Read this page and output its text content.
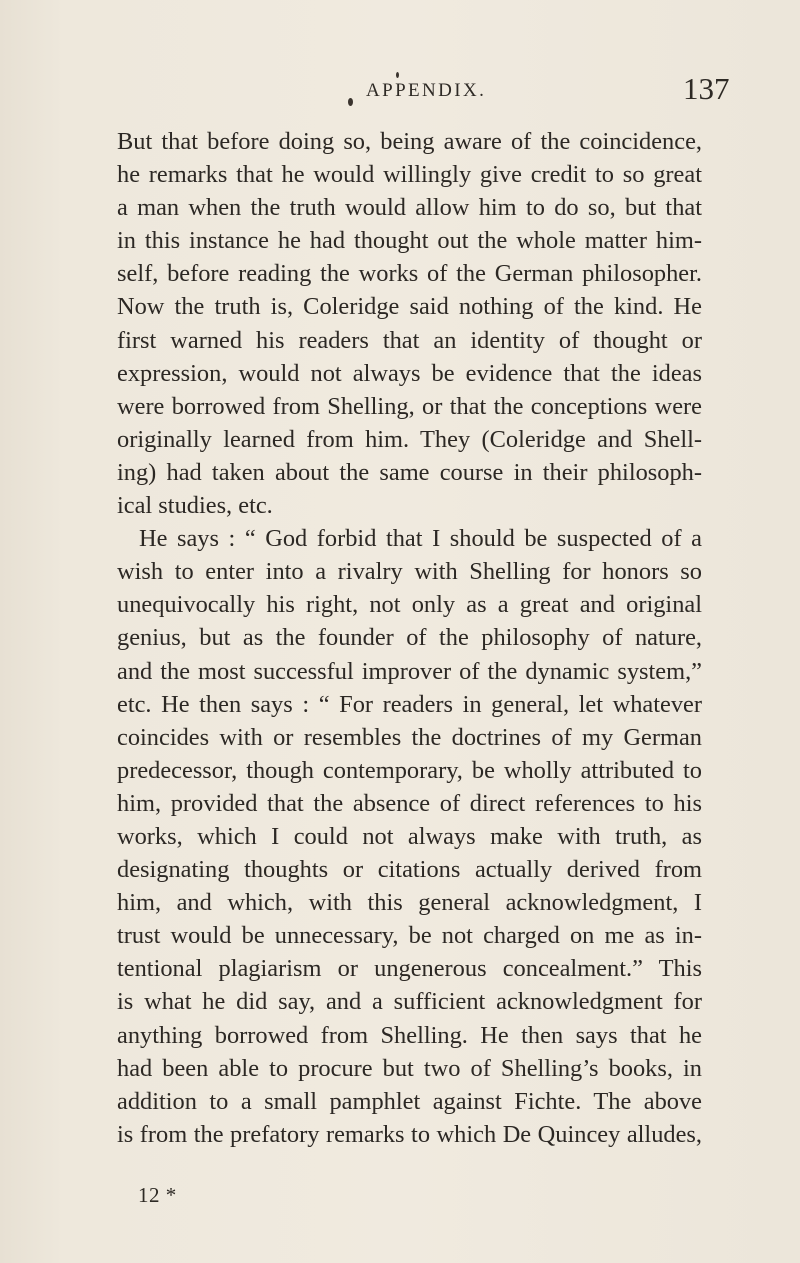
APPENDIX.	137
But that before doing so, being aware of the coincidence,
he remarks that he would willingly give credit to so great
a man when the truth would allow him to do so, but that
in this instance he had thought out the whole matter him-
self, before reading the works of the German philosopher.
Now the truth is, Coleridge said nothing of the kind. He
first warned his readers that an identity of thought or
expression, would not always be evidence that the ideas
were borrowed from Shelling, or that the conceptions were
originally learned from him. They (Coleridge and Shell-
ing) had taken about the same course in their philosoph-
ical studies, etc.
He says : “ God forbid that I should be suspected of a
wish to enter into a rivalry with Shelling for honors so
unequivocally his right, not only as a great and original
genius, but as the founder of the philosophy of nature,
and the most successful improver of the dynamic system,”
etc. He then says : “ For readers in general, let whatever
coincides with or resembles the doctrines of my German
predecessor, though contemporary, be wholly attributed to
him, provided that the absence of direct references to his
works, which I could not always make with truth, as
designating thoughts or citations actually derived from
him, and which, with this general acknowledgment, I
trust would be unnecessary, be not charged on me as in-
tentional plagiarism or ungenerous concealment.” This
is what he did say, and a sufficient acknowledgment for
anything borrowed from Shelling. He then says that he
had been able to procure but two of Shelling’s books, in
addition to a small pamphlet against Fichte. The above
is from the prefatory remarks to which De Quincey alludes,
12 *
